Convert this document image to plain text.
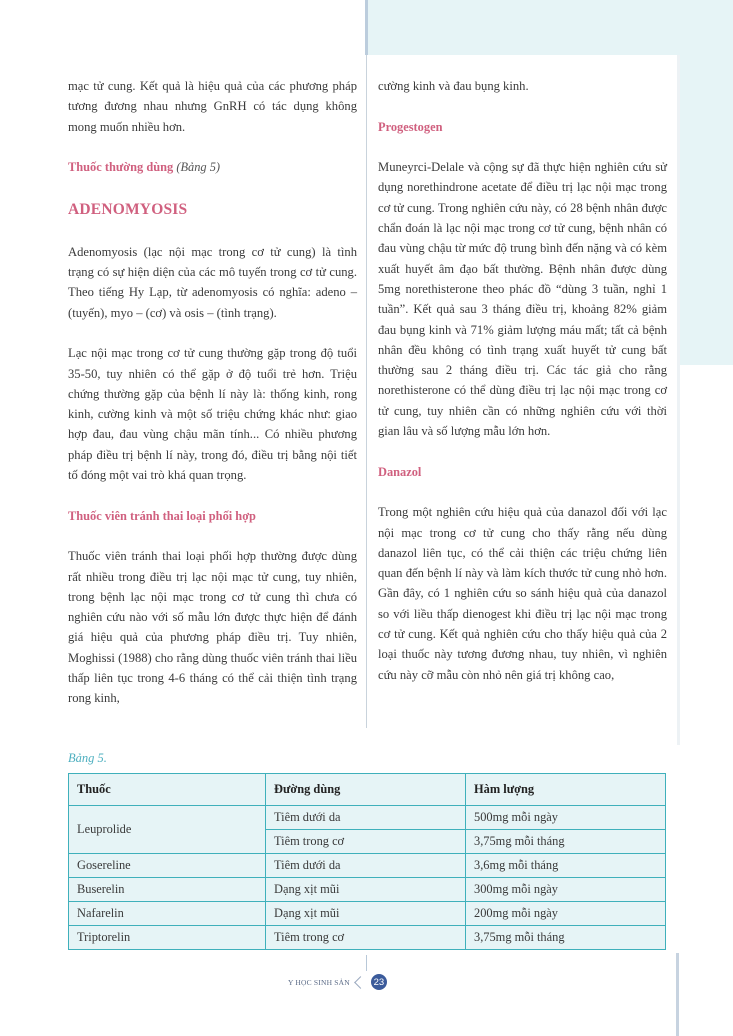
mạc tử cung. Kết quả là hiệu quả của các phương pháp tương đương nhau nhưng GnRH có tác dụng không mong muốn nhiều hơn.

Thuốc thường dùng (Bảng 5)
ADENOMYOSIS

Adenomyosis (lạc nội mạc trong cơ tử cung) là tình trạng có sự hiện diện của các mô tuyến trong cơ tử cung. Theo tiếng Hy Lạp, từ adenomyosis có nghĩa: adeno – (tuyến), myo – (cơ) và osis – (tình trạng).

Lạc nội mạc trong cơ tử cung thường gặp trong độ tuổi 35-50, tuy nhiên có thể gặp ở độ tuổi trẻ hơn. Triệu chứng thường gặp của bệnh lí này là: thống kinh, rong kinh, cường kinh và một số triệu chứng khác như: giao hợp đau, đau vùng chậu mãn tính... Có nhiều phương pháp điều trị bệnh lí này, trong đó, điều trị bằng nội tiết tố đóng một vai trò khá quan trọng.

Thuốc viên tránh thai loại phối hợp

Thuốc viên tránh thai loại phối hợp thường được dùng rất nhiều trong điều trị lạc nội mạc tử cung, tuy nhiên, trong bệnh lạc nội mạc trong cơ tử cung thì chưa có nghiên cứu nào với số mẫu lớn được thực hiện để đánh giá hiệu quả của phương pháp điều trị. Tuy nhiên, Moghissi (1988) cho rằng dùng thuốc viên tránh thai liều thấp liên tục trong 4-6 tháng có thể cải thiện tình trạng rong kinh,

cường kinh và đau bụng kinh.

Progestogen

Muneyrci-Delale và cộng sự đã thực hiện nghiên cứu sử dụng norethindrone acetate để điều trị lạc nội mạc trong cơ tử cung. Trong nghiên cứu này, có 28 bệnh nhân được chẩn đoán là lạc nội mạc trong cơ tử cung, bệnh nhân có đau vùng chậu từ mức độ trung bình đến nặng và có kèm xuất huyết âm đạo bất thường. Bệnh nhân được dùng 5mg norethisterone theo phác đồ “dùng 3 tuần, nghỉ 1 tuần”. Kết quả sau 3 tháng điều trị, khoảng 82% giảm đau bụng kinh và 71% giảm lượng máu mất; tất cả bệnh nhân đều không có tình trạng xuất huyết tử cung bất thường sau 2 tháng điều trị. Các tác giả cho rằng norethisterone có thể dùng điều trị lạc nội mạc trong cơ tử cung, tuy nhiên cần có những nghiên cứu với thời gian lâu và số lượng mẫu lớn hơn.

Danazol

Trong một nghiên cứu hiệu quả của danazol đối với lạc nội mạc trong cơ tử cung cho thấy rằng nếu dùng danazol liên tục, có thể cải thiện các triệu chứng liên quan đến bệnh lí này và làm kích thước tử cung nhỏ hơn. Gần đây, có 1 nghiên cứu so sánh hiệu quả của danazol so với liều thấp dienogest khi điều trị lạc nội mạc trong cơ tử cung. Kết quả nghiên cứu cho thấy hiệu quả của 2 loại thuốc này tương đương nhau, tuy nhiên, vì nghiên cứu này cỡ mẫu còn nhỏ nên giá trị không cao,

Bảng 5.
Thuốc	Đường dùng	Hàm lượng
Leuprolide	Tiêm dưới da	500mg mỗi ngày
	Tiêm trong cơ	3,75mg mỗi tháng
Gosereline	Tiêm dưới da	3,6mg mỗi tháng
Buserelin	Dạng xịt mũi	300mg mỗi ngày
Nafarelin	Dạng xịt mũi	200mg mỗi ngày
Triptorelin	Tiêm trong cơ	3,75mg mỗi tháng
Y HỌC SINH SẢN 23
